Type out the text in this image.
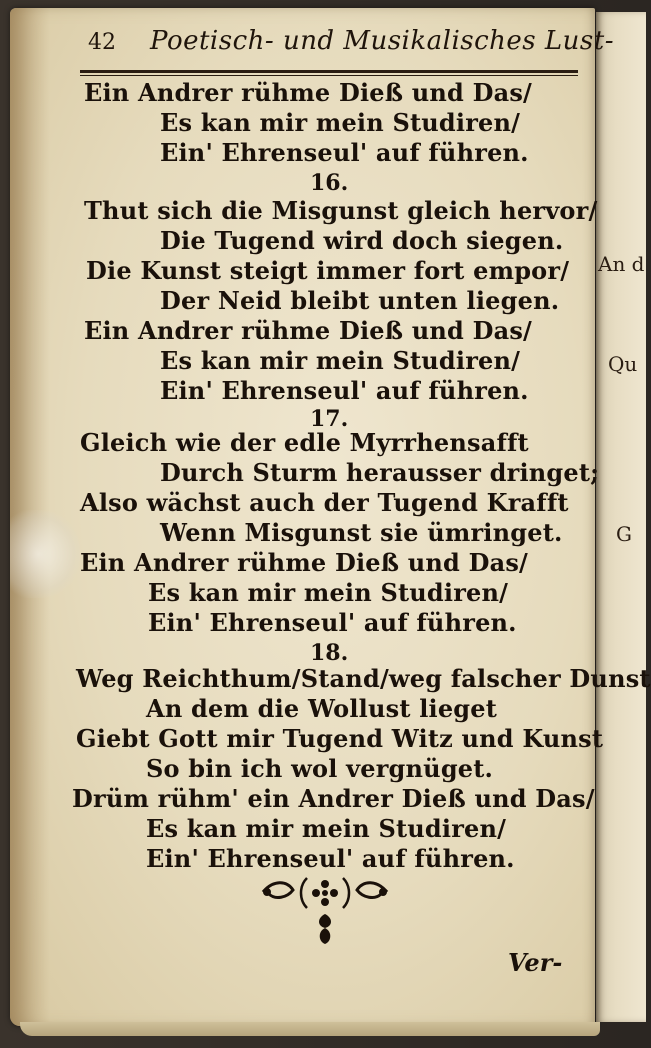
An d
Qu
G
42 Poetisch- und Musikalisches Lust-
Ein Andrer rühme Dieß und Das/
Es kan mir mein Studiren/
Ein' Ehrenseul' auf führen.
16.
Thut sich die Misgunst gleich hervor/
Die Tugend wird doch siegen.
Die Kunst steigt immer fort empor/
Der Neid bleibt unten liegen.
Ein Andrer rühme Dieß und Das/
Es kan mir mein Studiren/
Ein' Ehrenseul' auf führen.
17.
Gleich wie der edle Myrrhensafft
Durch Sturm herausser dringet;
Also wächst auch der Tugend Krafft
Wenn Misgunst sie ümringet.
Ein Andrer rühme Dieß und Das/
Es kan mir mein Studiren/
Ein' Ehrenseul' auf führen.
18.
Weg Reichthum/Stand/weg falscher Dunst
An dem die Wollust lieget
Giebt Gott mir Tugend Witz und Kunst
So bin ich wol vergnüget.
Drüm rühm' ein Andrer Dieß und Das/
Es kan mir mein Studiren/
Ein' Ehrenseul' auf führen.
Ver-
